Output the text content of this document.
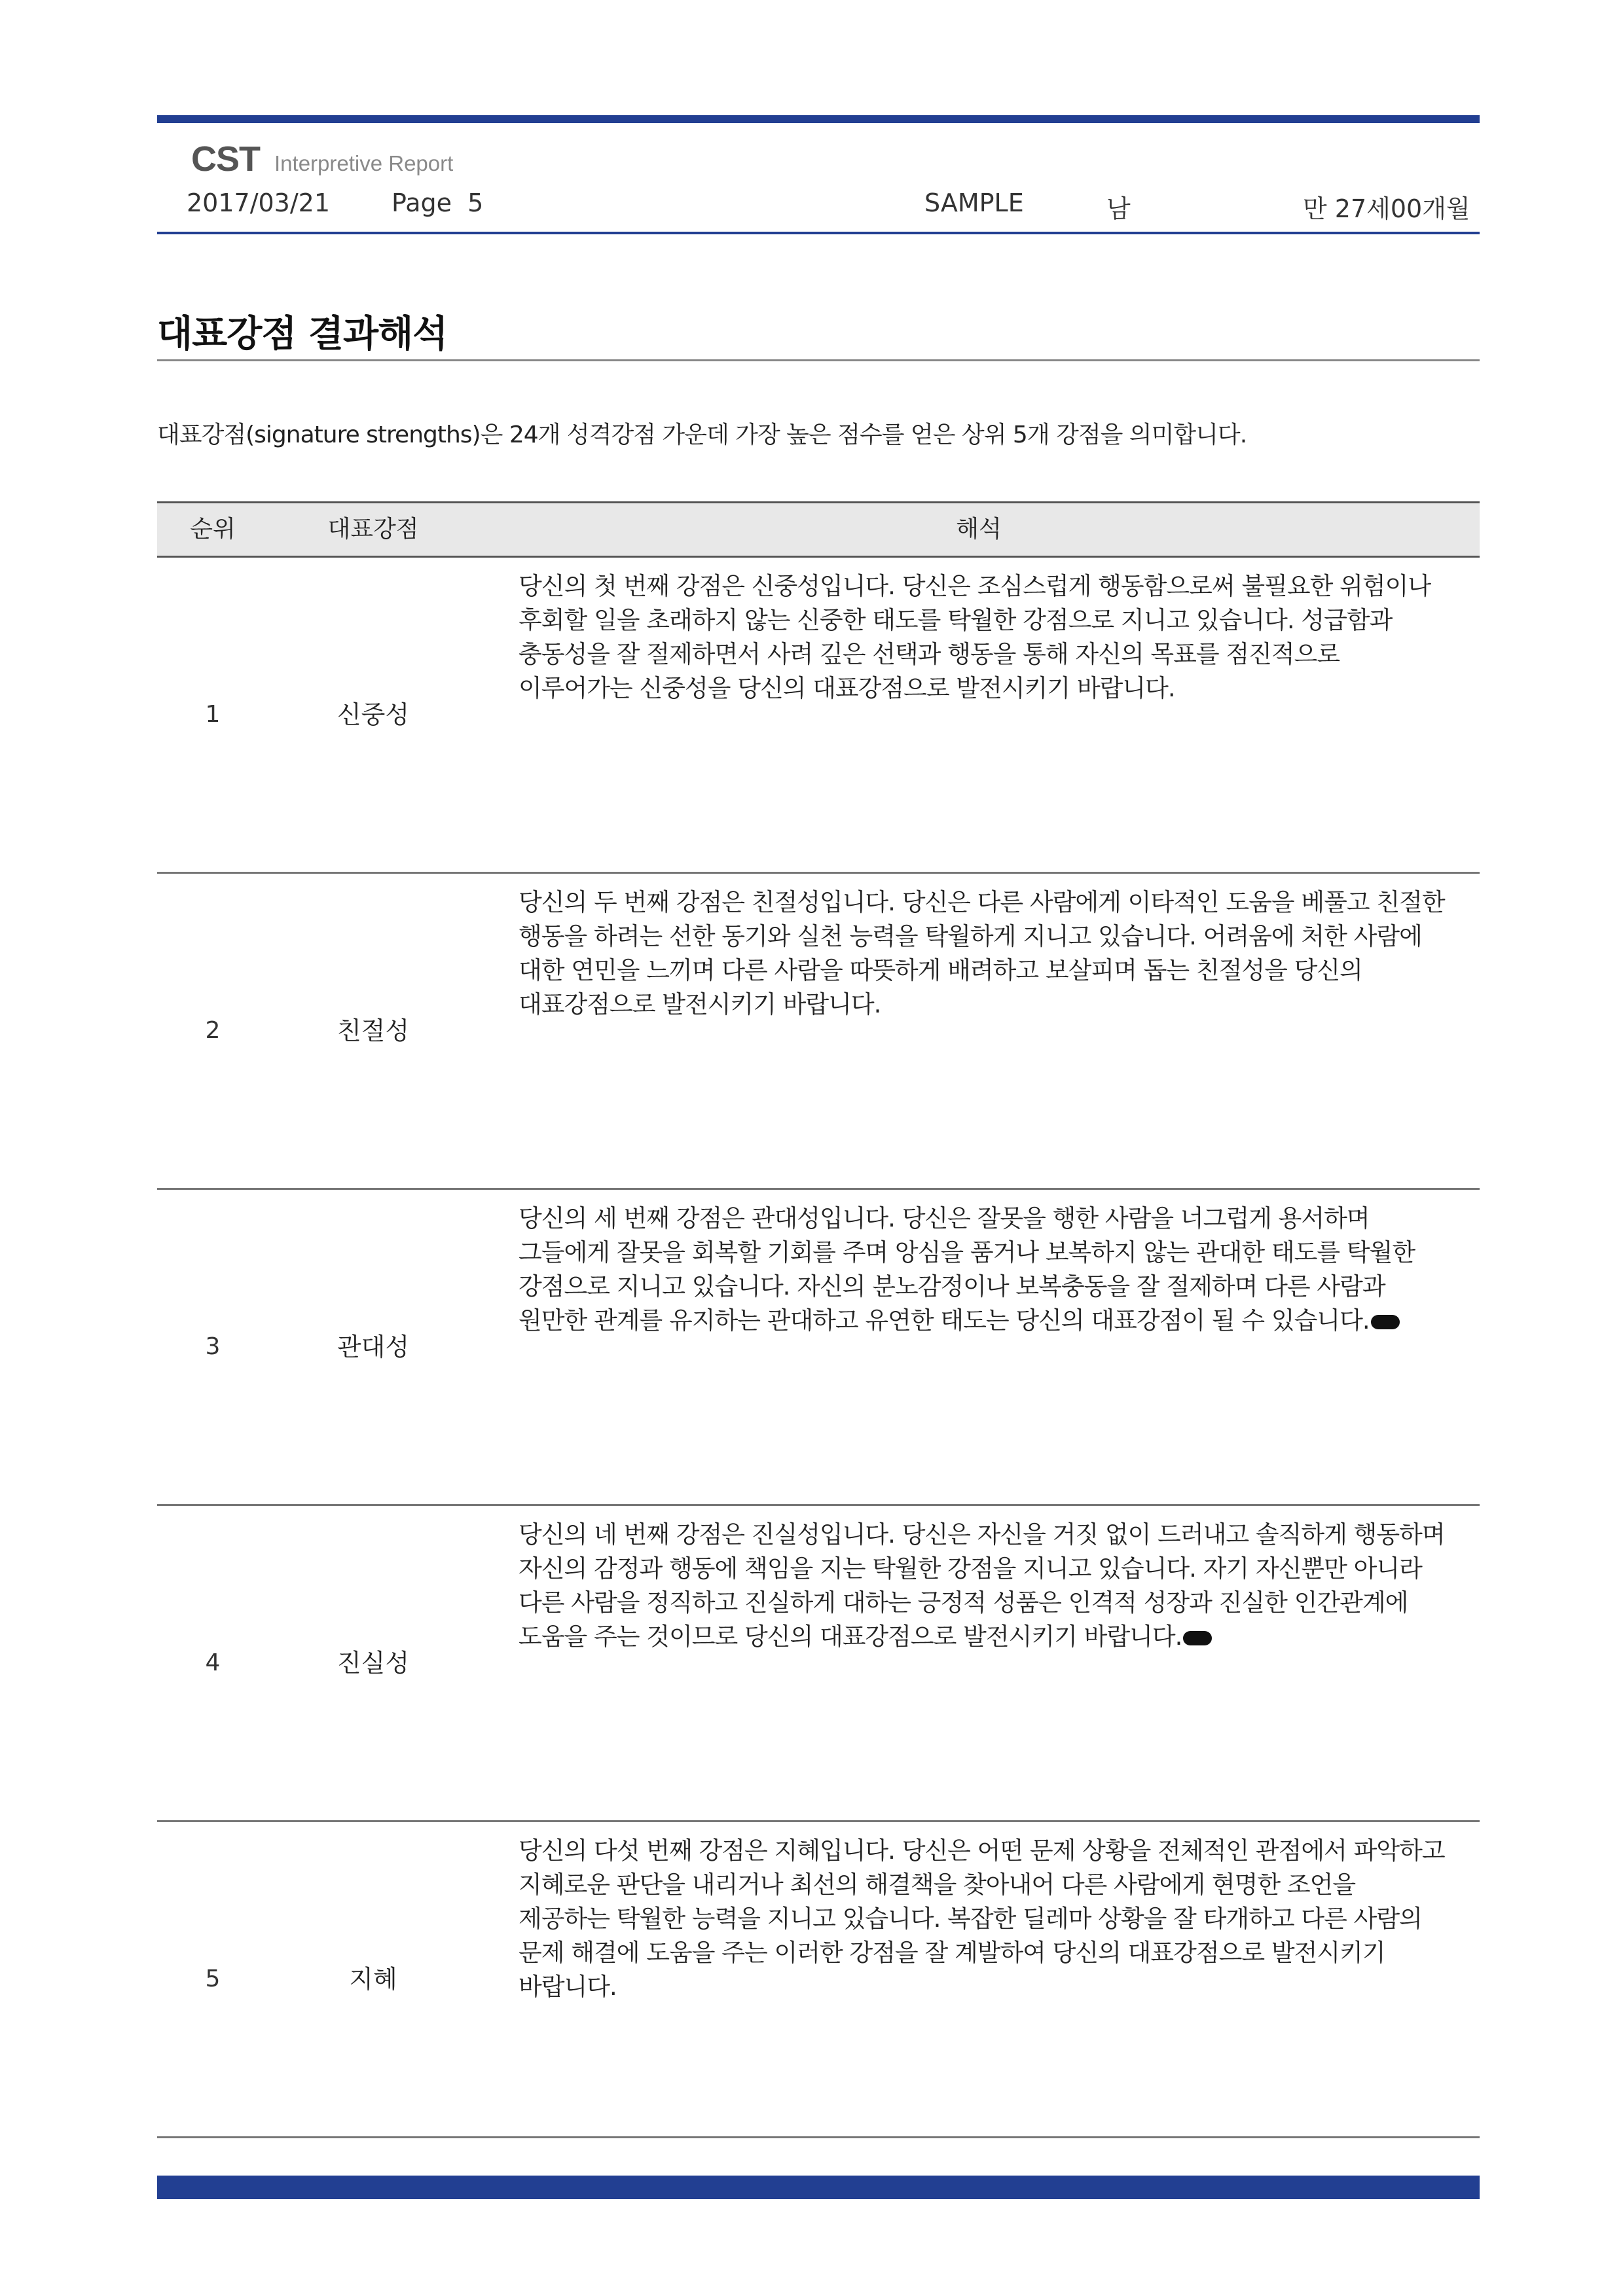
CST Interpretive Report
2017/03/21 Page  5	SAMPLE	남	만 27세00개월
대표강점 결과해석
대표강점(signature strengths)은 24개 성격강점 가운데 가장 높은 점수를 얻은 상위 5개 강점을 의미합니다.
순위	대표강점	해석
1	신중성
당신의 첫 번째 강점은 신중성입니다. 당신은 조심스럽게 행동함으로써 불필요한 위험이나
후회할 일을 초래하지 않는 신중한 태도를 탁월한 강점으로 지니고 있습니다. 성급함과
충동성을 잘 절제하면서 사려 깊은 선택과 행동을 통해 자신의 목표를 점진적으로
이루어가는 신중성을 당신의 대표강점으로 발전시키기 바랍니다.
2	친절성
당신의 두 번째 강점은 친절성입니다. 당신은 다른 사람에게 이타적인 도움을 베풀고 친절한
행동을 하려는 선한 동기와 실천 능력을 탁월하게 지니고 있습니다. 어려움에 처한 사람에
대한 연민을 느끼며 다른 사람을 따뜻하게 배려하고 보살피며 돕는 친절성을 당신의
대표강점으로 발전시키기 바랍니다.
3	관대성
당신의 세 번째 강점은 관대성입니다. 당신은 잘못을 행한 사람을 너그럽게 용서하며
그들에게 잘못을 회복할 기회를 주며 앙심을 품거나 보복하지 않는 관대한 태도를 탁월한
강점으로 지니고 있습니다. 자신의 분노감정이나 보복충동을 잘 절제하며 다른 사람과
원만한 관계를 유지하는 관대하고 유연한 태도는 당신의 대표강점이 될 수 있습니다.
4	진실성
당신의 네 번째 강점은 진실성입니다. 당신은 자신을 거짓 없이 드러내고 솔직하게 행동하며
자신의 감정과 행동에 책임을 지는 탁월한 강점을 지니고 있습니다. 자기 자신뿐만 아니라
다른 사람을 정직하고 진실하게 대하는 긍정적 성품은 인격적 성장과 진실한 인간관계에
도움을 주는 것이므로 당신의 대표강점으로 발전시키기 바랍니다.
5	지혜
당신의 다섯 번째 강점은 지혜입니다. 당신은 어떤 문제 상황을 전체적인 관점에서 파악하고
지혜로운 판단을 내리거나 최선의 해결책을 찾아내어 다른 사람에게 현명한 조언을
제공하는 탁월한 능력을 지니고 있습니다. 복잡한 딜레마 상황을 잘 타개하고 다른 사람의
문제 해결에 도움을 주는 이러한 강점을 잘 계발하여 당신의 대표강점으로 발전시키기
바랍니다.
